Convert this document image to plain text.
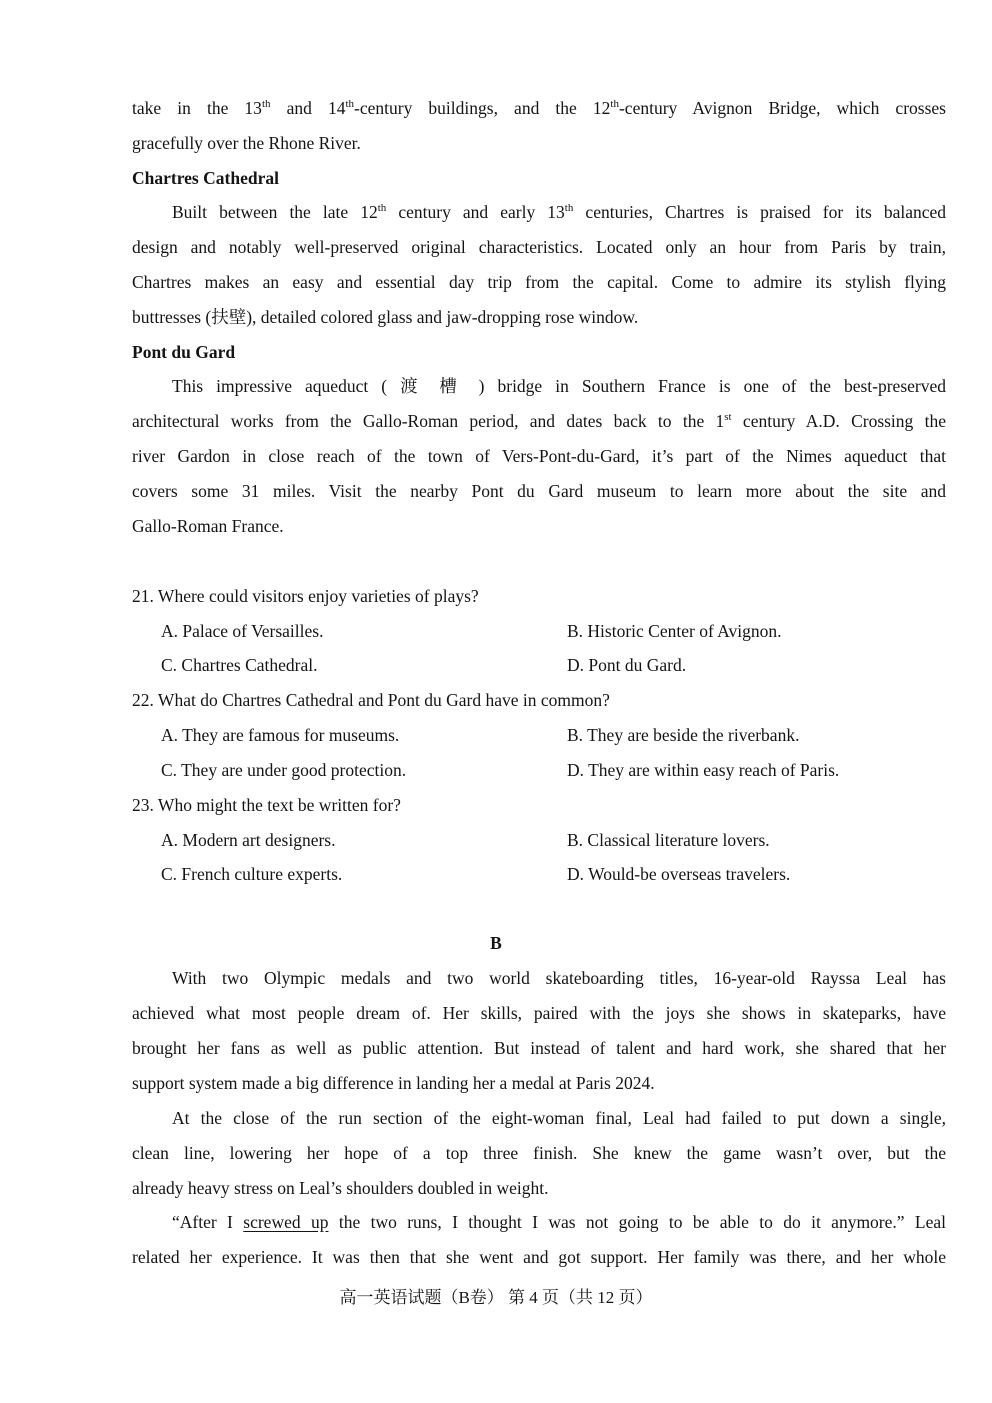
take in the 13th and 14th-century buildings, and the 12th-century Avignon Bridge, which crosses
gracefully over the Rhone River.
Chartres Cathedral
Built between the late 12th century and early 13th centuries, Chartres is praised for its balanced
design and notably well-preserved original characteristics. Located only an hour from Paris by train,
Chartres makes an easy and essential day trip from the capital. Come to admire its stylish flying
buttresses (扶壁), detailed colored glass and jaw-dropping rose window.
Pont du Gard
This impressive aqueduct ( 渡 槽 ) bridge in Southern France is one of the best-preserved
architectural works from the Gallo-Roman period, and dates back to the 1st century A.D. Crossing the
river Gardon in close reach of the town of Vers-Pont-du-Gard, it’s part of the Nimes aqueduct that
covers some 31 miles. Visit the nearby Pont du Gard museum to learn more about the site and
Gallo-Roman France.
21. Where could visitors enjoy varieties of plays?
A. Palace of Versailles.	B. Historic Center of Avignon.
C. Chartres Cathedral.	D. Pont du Gard.
22. What do Chartres Cathedral and Pont du Gard have in common?
A. They are famous for museums.	B. They are beside the riverbank.
C. They are under good protection.	D. They are within easy reach of Paris.
23. Who might the text be written for?
A. Modern art designers.	B. Classical literature lovers.
C. French culture experts.	D. Would-be overseas travelers.
B
With two Olympic medals and two world skateboarding titles, 16-year-old Rayssa Leal has
achieved what most people dream of. Her skills, paired with the joys she shows in skateparks, have
brought her fans as well as public attention. But instead of talent and hard work, she shared that her
support system made a big difference in landing her a medal at Paris 2024.
At the close of the run section of the eight-woman final, Leal had failed to put down a single,
clean line, lowering her hope of a top three finish. She knew the game wasn’t over, but the
already heavy stress on Leal’s shoulders doubled in weight.
“After I screwed up the two runs, I thought I was not going to be able to do it anymore.” Leal
related her experience. It was then that she went and got support. Her family was there, and her whole
高一英语试题（B卷） 第 4 页（共 12 页）
